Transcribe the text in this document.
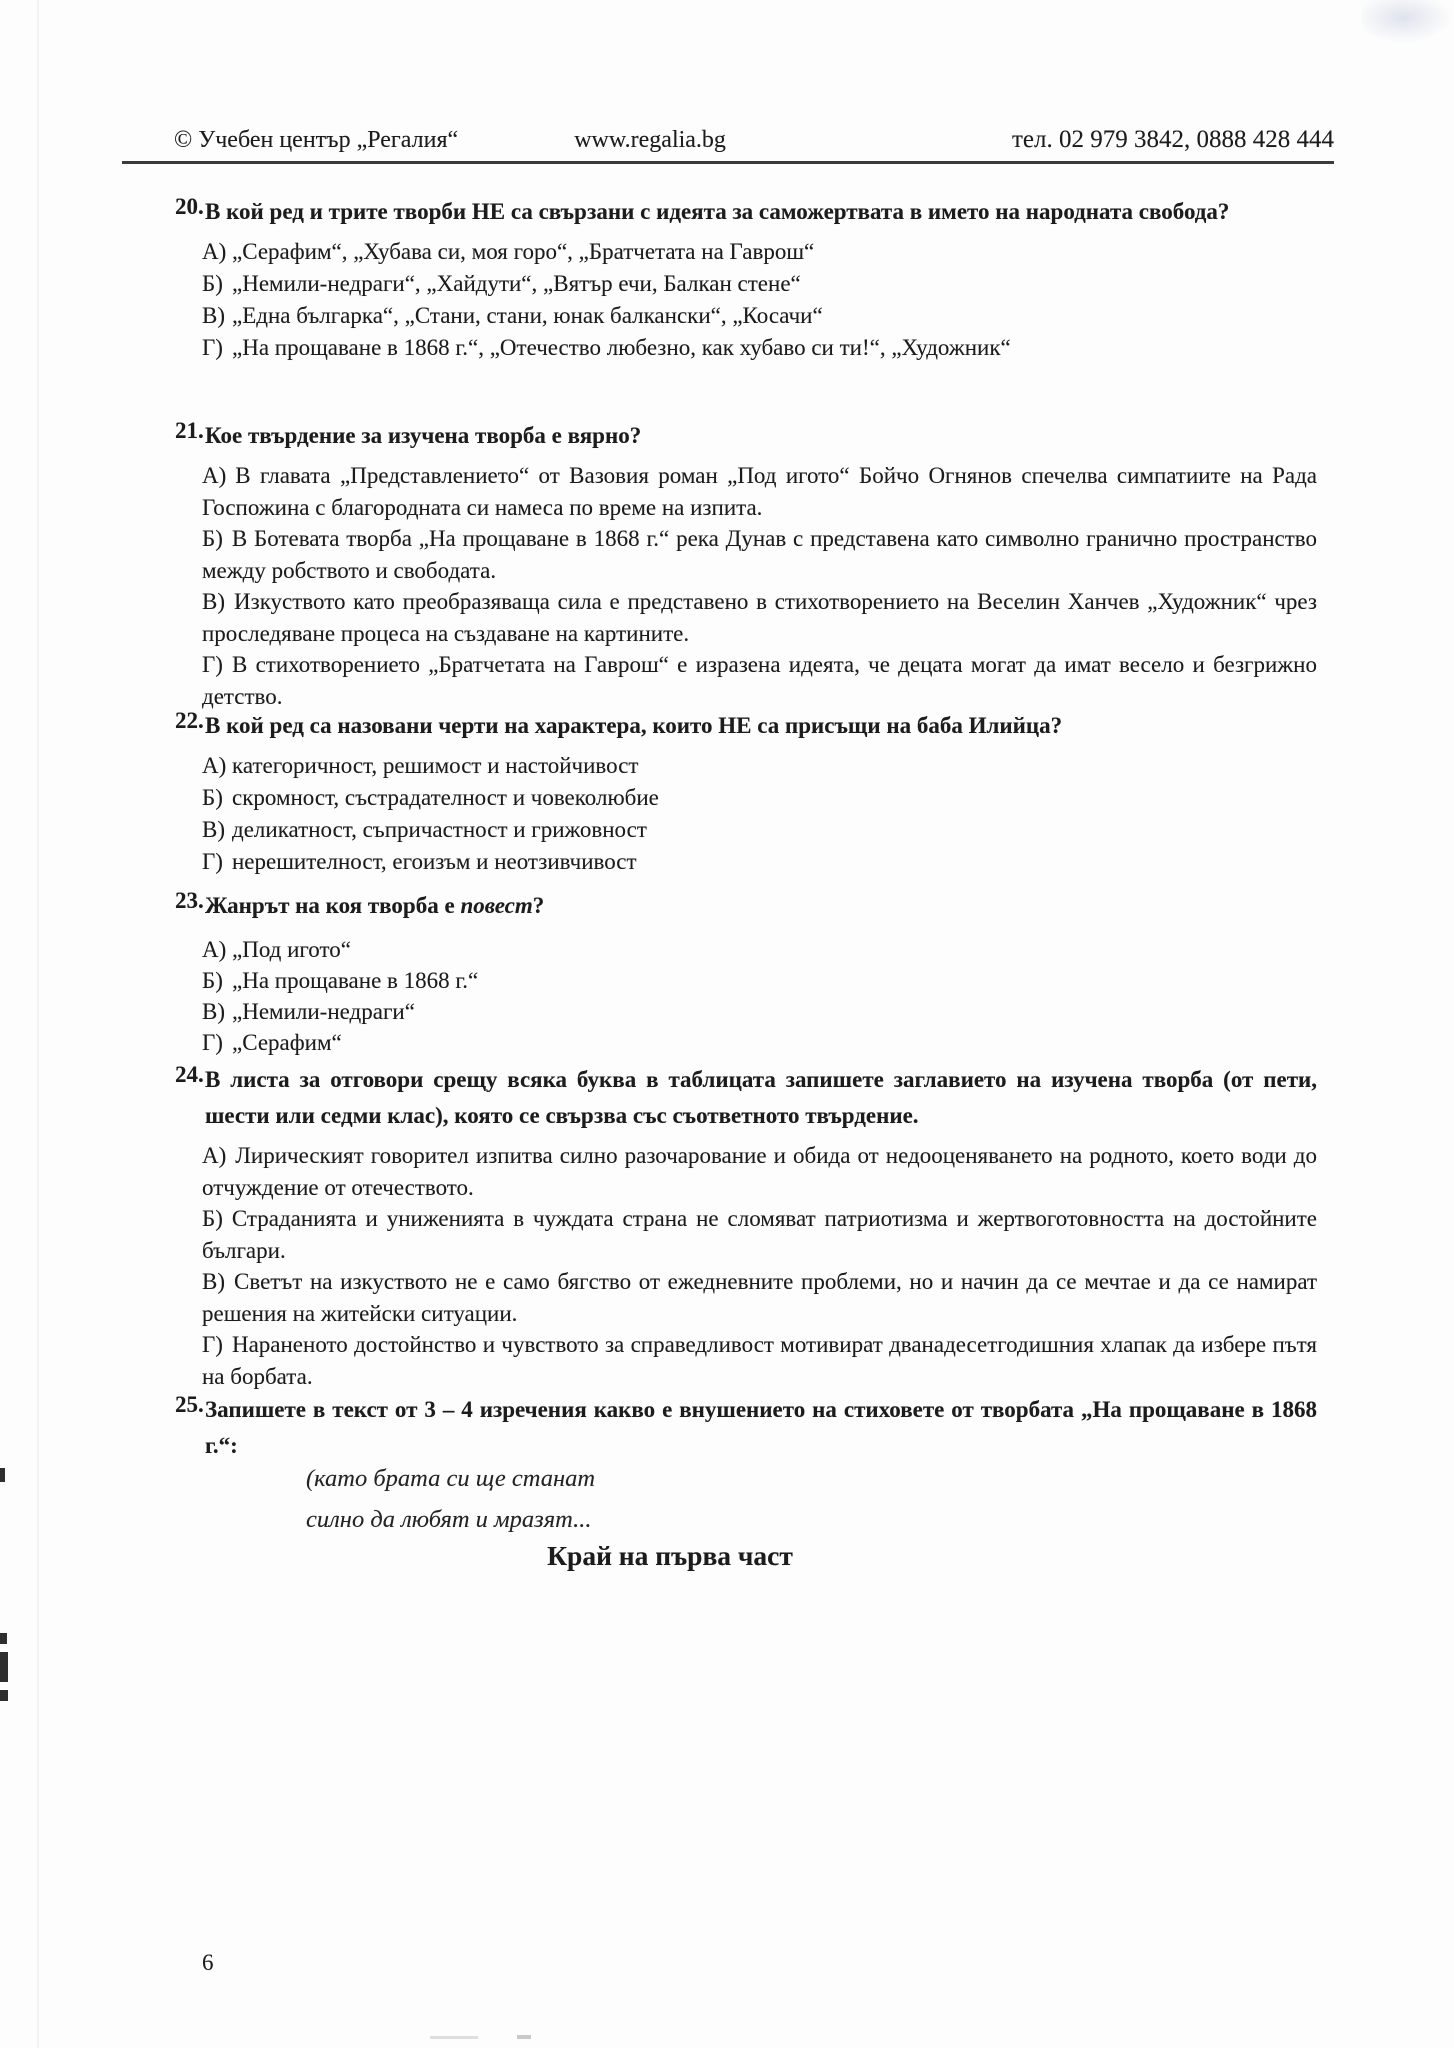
© Учебен център „Регалия“	www.regalia.bg	тел. 02 979 3842, 0888 428 444
20. В кой ред и трите творби НЕ са свързани с идеята за саможертвата в името на народната свобода?
А) „Серафим“, „Хубава си, моя горо“, „Братчетата на Гаврош“
Б) „Немили-недраги“, „Хайдути“, „Вятър ечи, Балкан стене“
В) „Една българка“, „Стани, стани, юнак балкански“, „Косачи“
Г) „На прощаване в 1868 г.“, „Отечество любезно, как хубаво си ти!“, „Художник“
21. Кое твърдение за изучена творба е вярно?

А) В главата „Представлението“ от Вазовия роман „Под игото“ Бойчо Огнянов спечелва симпатиите на Рада Госпожина с благородната си намеса по време на изпита.

Б) В Ботевата творба „На прощаване в 1868 г.“ река Дунав с представена като символно гранично пространство между робството и свободата.

В) Изкуството като преобразяваща сила е представено в стихотворението на Веселин Ханчев „Художник“ чрез проследяване процеса на създаване на картините.

Г) В стихотворението „Братчетата на Гаврош“ е изразена идеята, че децата могат да имат весело и безгрижно детство.

22. В кой ред са назовани черти на характера, които НЕ са присъщи на баба Илийца?
А) категоричност, решимост и настойчивост
Б) скромност, състрадателност и човеколюбие
В) деликатност, съпричастност и грижовност
Г) нерешителност, егоизъм и неотзивчивост
23. Жанрът на коя творба е повест?
А) „Под игото“
Б) „На прощаване в 1868 г.“
В) „Немили-недраги“
Г) „Серафим“
24. В листа за отговори срещу всяка буква в таблицата запишете заглавието на изучена творба (от пети, шести или седми клас), която се свързва със съответното твърдение.

А) Лирическият говорител изпитва силно разочарование и обида от недооценяването на родното, което води до отчуждение от отечеството.

Б) Страданията и униженията в чуждата страна не сломяват патриотизма и жертвоготовността на достойните българи.

В) Светът на изкуството не е само бягство от ежедневните проблеми, но и начин да се мечтае и да се намират решения на житейски ситуации.

Г) Нараненото достойнство и чувството за справедливост мотивират дванадесетгодишния хлапак да избере пътя на борбата.

25. Запишете в текст от 3 – 4 изречения какво е внушението на стиховете от творбата „На прощаване в 1868 г.“:
(като брата си ще станат
силно да любят и мразят...
Край на първа част
6
